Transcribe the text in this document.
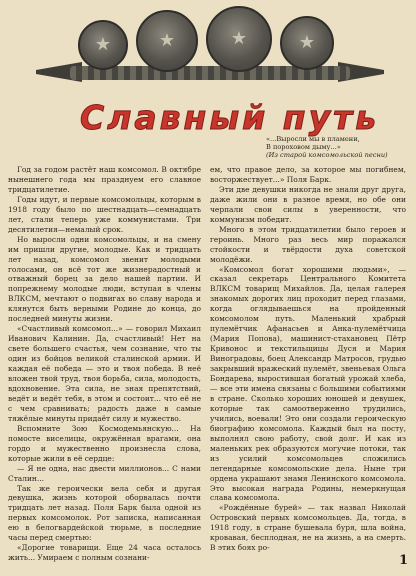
★	★	★	★
Славный путь
«...Выросли мы в пламени,
В пороховом дыму...»
(Из старой комсомольской песни)

Год за годом растёт наш комсомол. В октябре нынешнего года мы празднуем его славное тридцатилетие.

Годы идут, и первые комсомольцы, которым в 1918 году было по шестнадцать—семнадцать лет, стали теперь уже коммунистами. Три десятилетия—немалый срок.

Но выросли одни комсомольцы, и на смену им пришли другие, молодые. Как и тридцать лет назад, комсомол звенит молодыми голосами, он всё тот же жизнерадостный и отважный борец за дело нашей партии. И попрежнему молодые люди, вступая в члены ВЛКСМ, мечтают о подвигах во славу народа и клянутся быть верными Родине до конца, до последней минуты жизни.

«Счастливый комсомол...» — говорил Михаил Иванович Калинин. Да, счастливый! Нет на свете большего счастья, чем сознание, что ты один из бойцов великой сталинской армии. И каждая её победа — это и твоя победа. В неё вложен твой труд, твоя борьба, сила, молодость, вдохновение. Эта сила, не зная препятствий, ведёт и ведёт тебя, в этом и состоит... что её не с чем сравнивать; радость даже в самые тяжёлые минуты придаёт силу и мужество.

Вспомните Зою Космодемьянскую... На помосте виселицы, окружённая врагами, она гордо и мужественно произнесла слова, которые жили в её сердце:

— Я не одна, нас двести миллионов... С нами Сталин...

Так же героически вела себя и другая девушка, жизнь которой оборвалась почти тридцать лет назад. Поля Барк была одной из первых комсомолок. Рот записка, написанная ею в белогвардейской тюрьме, в последние часы перед смертью:

«Дорогие товарищи. Еще 24 часа осталось жить... Умираем с полным сознани-

ем, что правое дело, за которое мы погибнем, восторжествует...» Поля Барк.

Эти две девушки никогда не знали друг друга, даже жили они в разное время, но обе они черпали свои силы в уверенности, что коммунизм победит.

Много в этом тридцатилетии было героев и героинь. Много раз весь мир поражался стойкости и твёрдости духа советской молодёжи.

«Комсомол богат хорошими людьми», — сказал секретарь Центрального Комитета ВЛКСМ товарищ Михайлов. Да, целая галерея знакомых дорогих лиц проходит перед глазами, когда оглядываешься на пройденный комсомолом путь. Маленький храбрый пулемётчик Афанасьев и Анка-пулемётчица (Мария Попова), машинист-стахановец Пётр Кривонос и текстильщицы Дуся и Мария Виноградовы, боец Александр Матросов, грудью закрывший вражеский пулемёт, звеньевая Ольга Бондарева, выростившая богатый урожай хлеба, — все эти имена связаны с большими событиями в стране. Сколько хороших юношей и девушек, которые так самоотверженно трудились, учились, воевали! Это они создали героическую биографию комсомола. Каждый был на посту, выполнял свою работу, свой долг. И как из маленьких рек образуются могучие потоки, так из усилий комсомольцев сложились легендарные комсомольские дела. Ныне три ордена украшают знамя Ленинского комсомола. Это высокая награда Родины, немеркнущая слава комсомола.

«Рождённые бурей» — так назвал Николай Островский первых комсомольцев. Да, тогда, в 1918 году, в стране бушевала буря, шла война, кровавая, бесплодная, не на жизнь, а на смерть. В этих боях ро-

1
